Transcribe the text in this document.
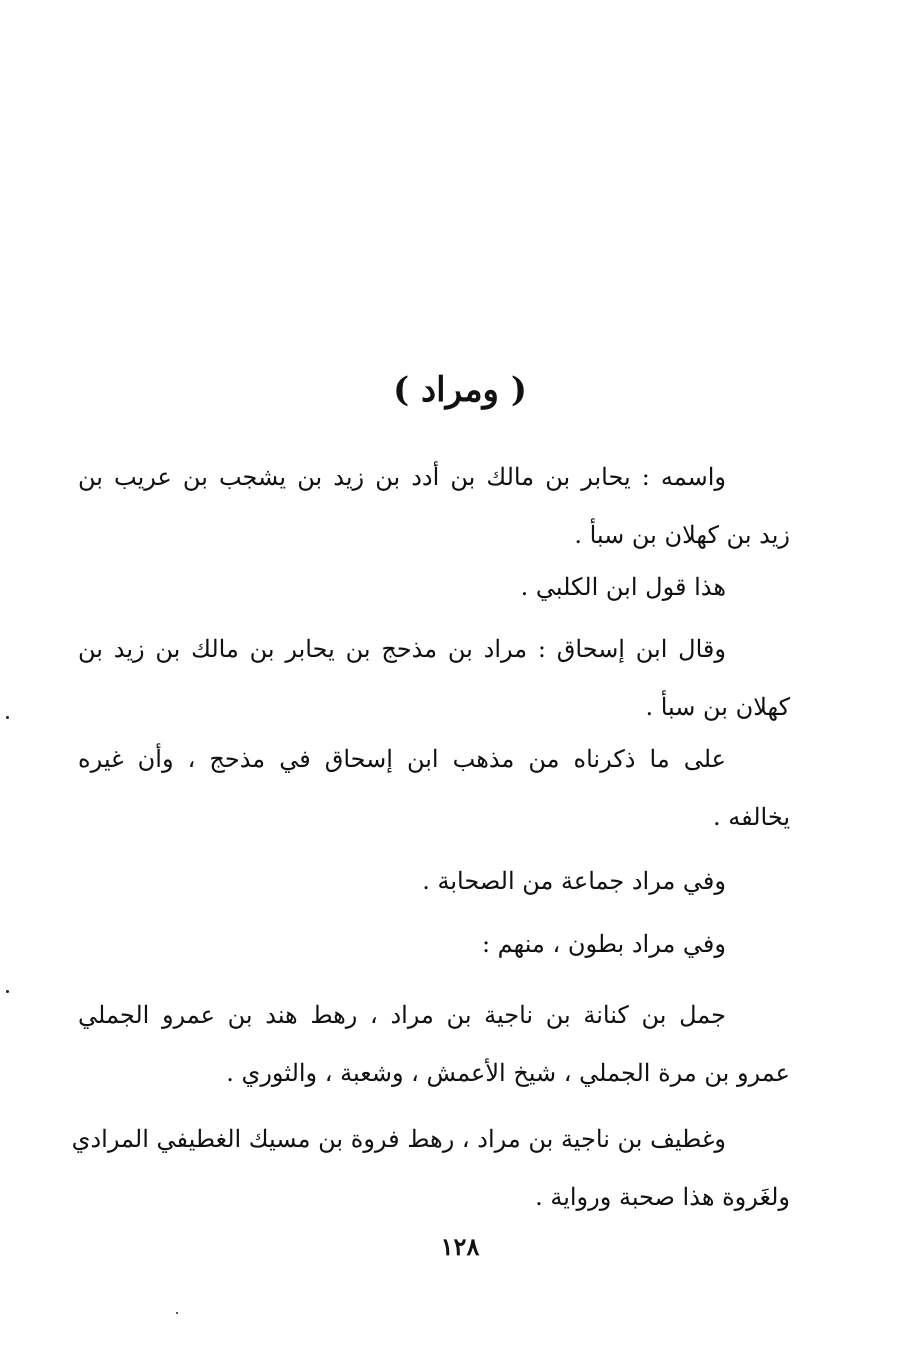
( ومراد )
واسمه : يحابر بن مالك بن أدد بن زيد بن يشجب بن عريب بن
زيد بن كهلان بن سبأ .
هذا قول ابن الكلبي .
وقال ابن إسحاق : مراد بن مذحج بن يحابر بن مالك بن زيد بن
كهلان بن سبأ .
على ما ذكرناه من مذهب ابن إسحاق في مذحج ، وأن غيره
يخالفه .
وفي مراد جماعة من الصحابة .
وفي مراد بطون ، منهم :
جمل بن كنانة بن ناجية بن مراد ، رهط هند بن عمرو الجملي
عمرو بن مرة الجملي ، شيخ الأعمش ، وشعبة ، والثوري .
وغطيف بن ناجية بن مراد ، رهط فروة بن مسيك الغطيفي المرادي
ولغَروة هذا صحبة ورواية .
١٢٨
